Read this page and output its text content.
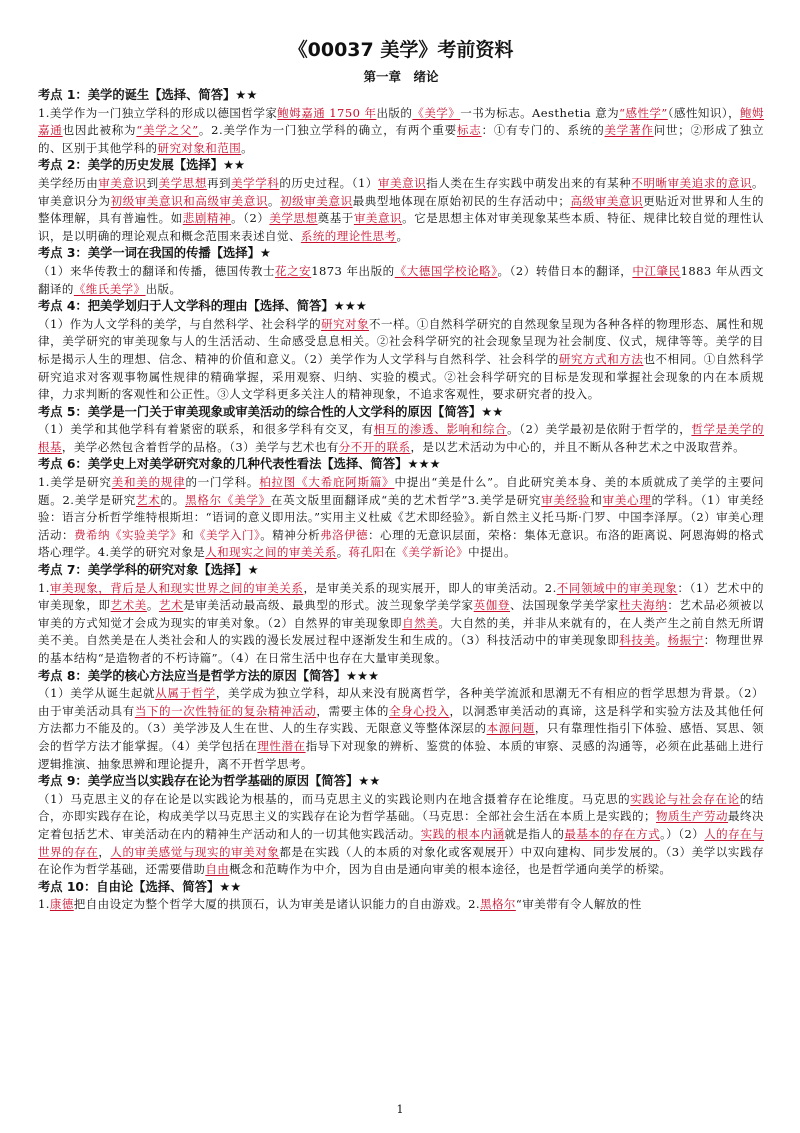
《00037 美学》考前资料
第一章　绪论
考点 1：美学的诞生【选择、简答】★★
1.美学作为一门独立学科的形成以德国哲学家鲍姆嘉通 1750 年出版的《美学》一书为标志。Aesthetia 意为“感性学”（感性知识），鲍姆嘉通也因此被称为“美学之父”。2.美学作为一门独立学科的确立，有两个重要标志：①有专门的、系统的美学著作问世；②形成了独立的、区别于其他学科的研究对象和范围。
考点 2：美学的历史发展【选择】★★
美学经历由审美意识到美学思想再到美学学科的历史过程。（1）审美意识指人类在生存实践中萌发出来的有某种不明晰审美追求的意识。审美意识分为初级审美意识和高级审美意识。初级审美意识最典型地体现在原始初民的生存活动中；高级审美意识更贴近对世界和人生的整体理解，具有普遍性。如悲剧精神。（2）美学思想奠基于审美意识。它是思想主体对审美现象某些本质、特征、规律比较自觉的理性认识，是以明确的理论观点和概念范围来表述自觉、系统的理论性思考。
考点 3：美学一词在我国的传播【选择】★
（1）来华传教士的翻译和传播，德国传教士花之安1873 年出版的《大德国学校论略》。（2）转借日本的翻译，中江肇民1883 年从西文翻译的《维氏美学》出版。
考点 4：把美学划归于人文学科的理由【选择、简答】★★★
（1）作为人文学科的美学，与自然科学、社会科学的研究对象不一样。①自然科学研究的自然现象呈现为各种各样的物理形态、属性和规律，美学研究的审美现象与人的生活活动、生命感受息息相关。②社会科学研究的社会现象呈现为社会制度、仪式，规律等等。美学的目标是揭示人生的理想、信念、精神的价值和意义。（2）美学作为人文学科与自然科学、社会科学的研究方式和方法也不相同。①自然科学研究追求对客观事物属性规律的精确掌握，采用观察、归纳、实验的模式。②社会科学研究的目标是发现和掌握社会现象的内在本质规律，力求判断的客观性和公正性。③人文学科更多关注人的精神现象，不追求客观性，要求研究者的投入。
考点 5：美学是一门关于审美现象或审美活动的综合性的人文学科的原因【简答】★★
（1）美学和其他学科有着紧密的联系，和很多学科有交叉，有相互的渗透、影响和综合。（2）美学最初是依附于哲学的，哲学是美学的根基，美学必然包含着哲学的品格。（3）美学与艺术也有分不开的联系，是以艺术活动为中心的，并且不断从各种艺术之中汲取营养。
考点 6：美学史上对美学研究对象的几种代表性看法【选择、简答】★★★
1.美学是研究美和美的规律的一门学科。柏拉图《大希庇阿斯篇》中提出“美是什么”。自此研究美本身、美的本质就成了美学的主要问题。2.美学是研究艺术的。黑格尔《美学》在英文版里面翻译成“美的艺术哲学”3.美学是研究审美经验和审美心理的学科。（1）审美经验：语言分析哲学维特根斯坦：“语词的意义即用法。”实用主义杜威《艺术即经验》。新自然主义托马斯·门罗、中国李泽厚。（2）审美心理活动：费希纳《实验美学》和《美学入门》。精神分析弗洛伊德：心理的无意识层面，荣格：集体无意识。布洛的距离说、阿恩海姆的格式塔心理学。4.美学的研究对象是人和现实之间的审美关系。蒋孔阳在《美学新论》中提出。
考点 7：美学学科的研究对象【选择】★
1.审美现象，背后是人和现实世界之间的审美关系，是审美关系的现实展开，即人的审美活动。2.不同领域中的审美现象：（1）艺术中的审美现象，即艺术美。艺术是审美活动最高级、最典型的形式。波兰现象学美学家英伽登、法国现象学美学家杜夫海纳：艺术品必须被以审美的方式知觉才会成为现实的审美对象。（2）自然界的审美现象即自然美。大自然的美，并非从来就有的，在人类产生之前自然无所谓美不美。自然美是在人类社会和人的实践的漫长发展过程中逐渐发生和生成的。（3）科技活动中的审美现象即科技美。杨振宁：物理世界的基本结构“是造物者的不朽诗篇”。（4）在日常生活中也存在大量审美现象。
考点 8：美学的核心方法应当是哲学方法的原因【简答】★★★
（1）美学从诞生起就从属于哲学，美学成为独立学科，却从来没有脱离哲学，各种美学流派和思潮无不有相应的哲学思想为背景。（2）由于审美活动具有当下的一次性特征的复杂精神活动，需要主体的全身心投入，以洞悉审美活动的真谛，这是科学和实验方法及其他任何方法都力不能及的。（3）美学涉及人生在世、人的生存实践、无限意义等整体深层的本源问题，只有靠理性指引下体验、感悟、冥思、领会的哲学方法才能掌握。（4）美学包括在理性潜在指导下对现象的辨析、鉴赏的体验、本质的审察、灵感的沟通等，必须在此基础上进行逻辑推演、抽象思辨和理论提升，离不开哲学思考。
考点 9：美学应当以实践存在论为哲学基础的原因【简答】★★
（1）马克思主义的存在论是以实践论为根基的，而马克思主义的实践论则内在地含摄着存在论维度。马克思的实践论与社会存在论的结合，亦即实践存在论，构成美学以马克思主义的实践存在论为哲学基础。（马克思：全部社会生活在本质上是实践的；物质生产劳动最终决定着包括艺术、审美活动在内的精神生产活动和人的一切其他实践活动。实践的根本内涵就是指人的最基本的存在方式。）（2）人的存在与世界的存在，人的审美感觉与现实的审美对象都是在实践（人的本质的对象化或客观展开）中双向建构、同步发展的。（3）美学以实践存在论作为哲学基础，还需要借助自由概念和范畴作为中介，因为自由是通向审美的根本途径，也是哲学通向美学的桥梁。
考点 10：自由论【选择、简答】★★
1.康德把自由设定为整个哲学大厦的拱顶石，认为审美是诸认识能力的自由游戏。2.黑格尔“审美带有令人解放的性
1
